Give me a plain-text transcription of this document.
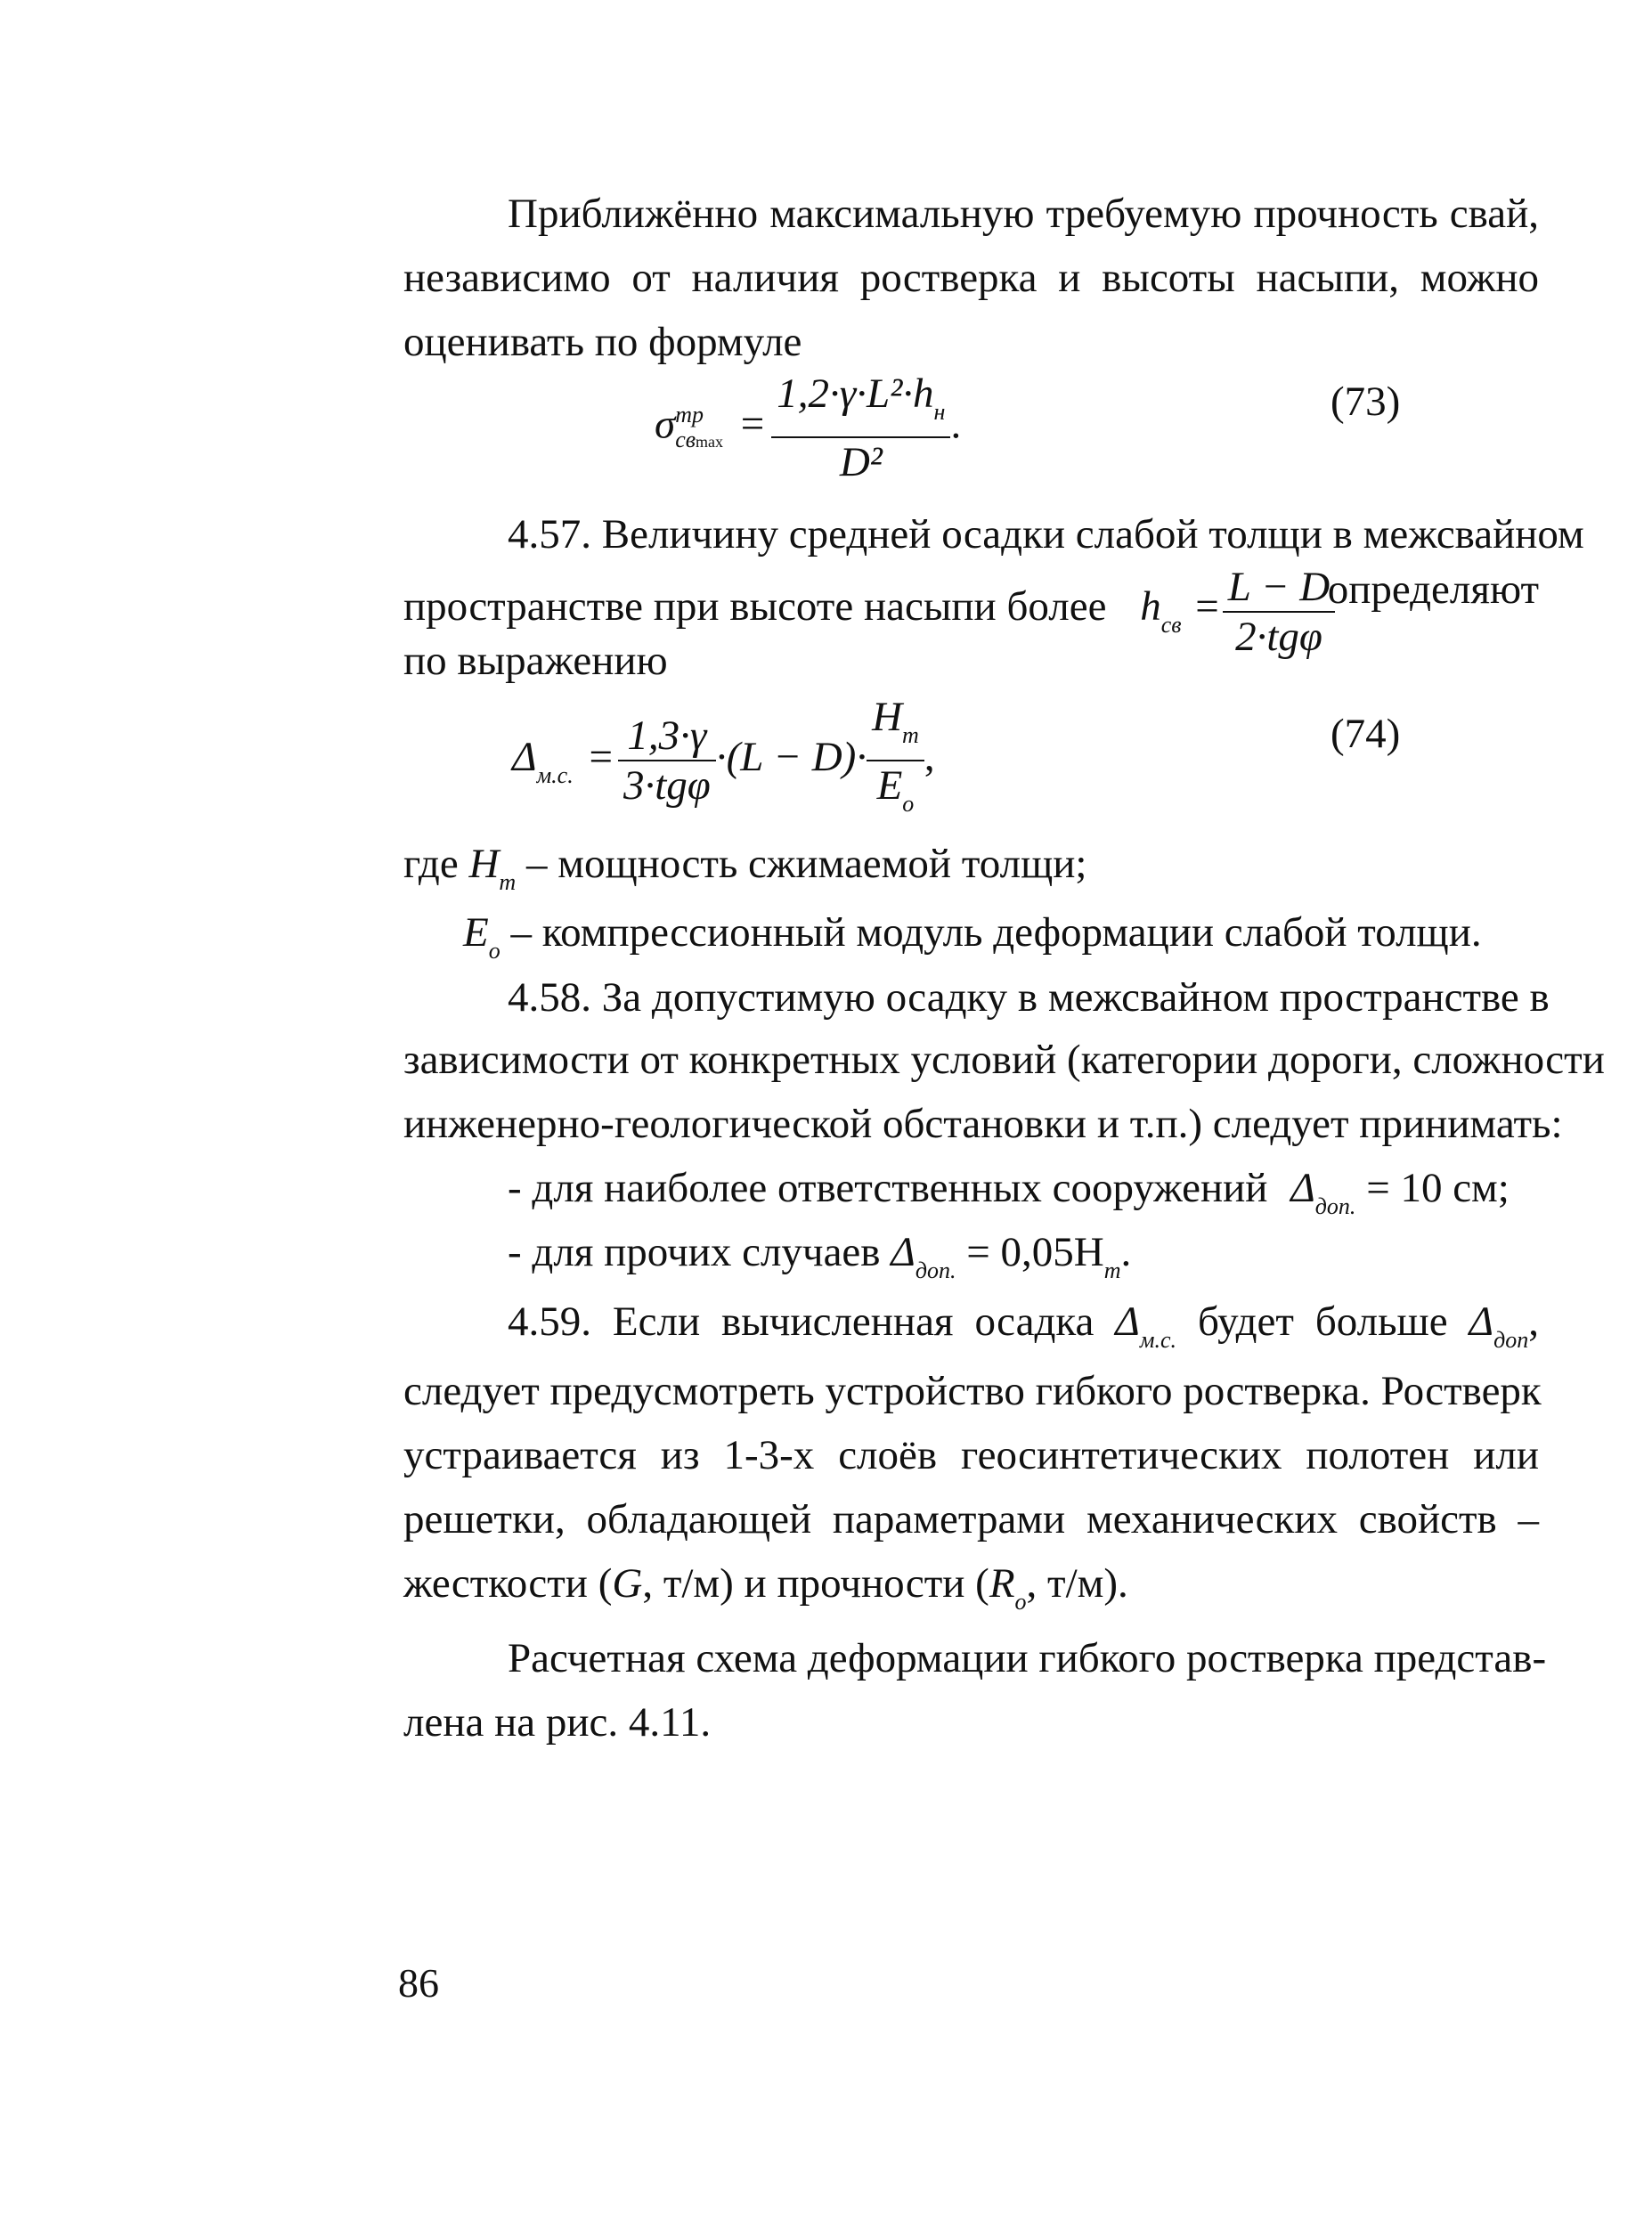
Приближённо максимальную требуемую прочность свай,
независимо от наличия ростверка и высоты насыпи, можно
оценивать по формуле
σ тр
$св\max = \frac{1,2\cdot\gamma\cdot L^2\cdot h_н}{\text{D²}}$ .	(73)
4.57. Величину средней осадки слабой толщи в межсвайном
пространстве при высоте насыпи более $h_{св} = \frac{L - D}{\text{2·tgφ}}$
определяют
по выражению
$\Delta_{м.с.} = \frac{1,3\cdot\gamma}{\text{3·tgφ}} \cdot(L - D)\cdot \frac{H_т}{E_о}$ ,	(74)
где $H_т$ – мощность сжимаемой толщи;
$E_о$ – компрессионный модуль деформации слабой толщи.
4.58. За допустимую осадку в межсвайном пространстве в
зависимости от конкретных условий (категории дороги, сложности
инженерно-геологической обстановки и т.п.) следует принимать:
- для наиболее ответственных сооружений $\Delta_{доп.} = 10$ см;
- для прочих случаев $\Delta_{доп.} = 0,05H_т$.
4.59. Если вычисленная осадка $\Delta_{м.с.}$ будет больше $\Delta_{доп}$,
следует предусмотреть устройство гибкого ростверка. Ростверк
устраивается из 1-3-х слоёв геосинтетических полотен или
решетки, обладающей параметрами механических свойств –
жесткости (G, т/м) и прочности ($R_о$, т/м).
Расчетная схема деформации гибкого ростверка представ-
лена на рис. 4.11.
86
